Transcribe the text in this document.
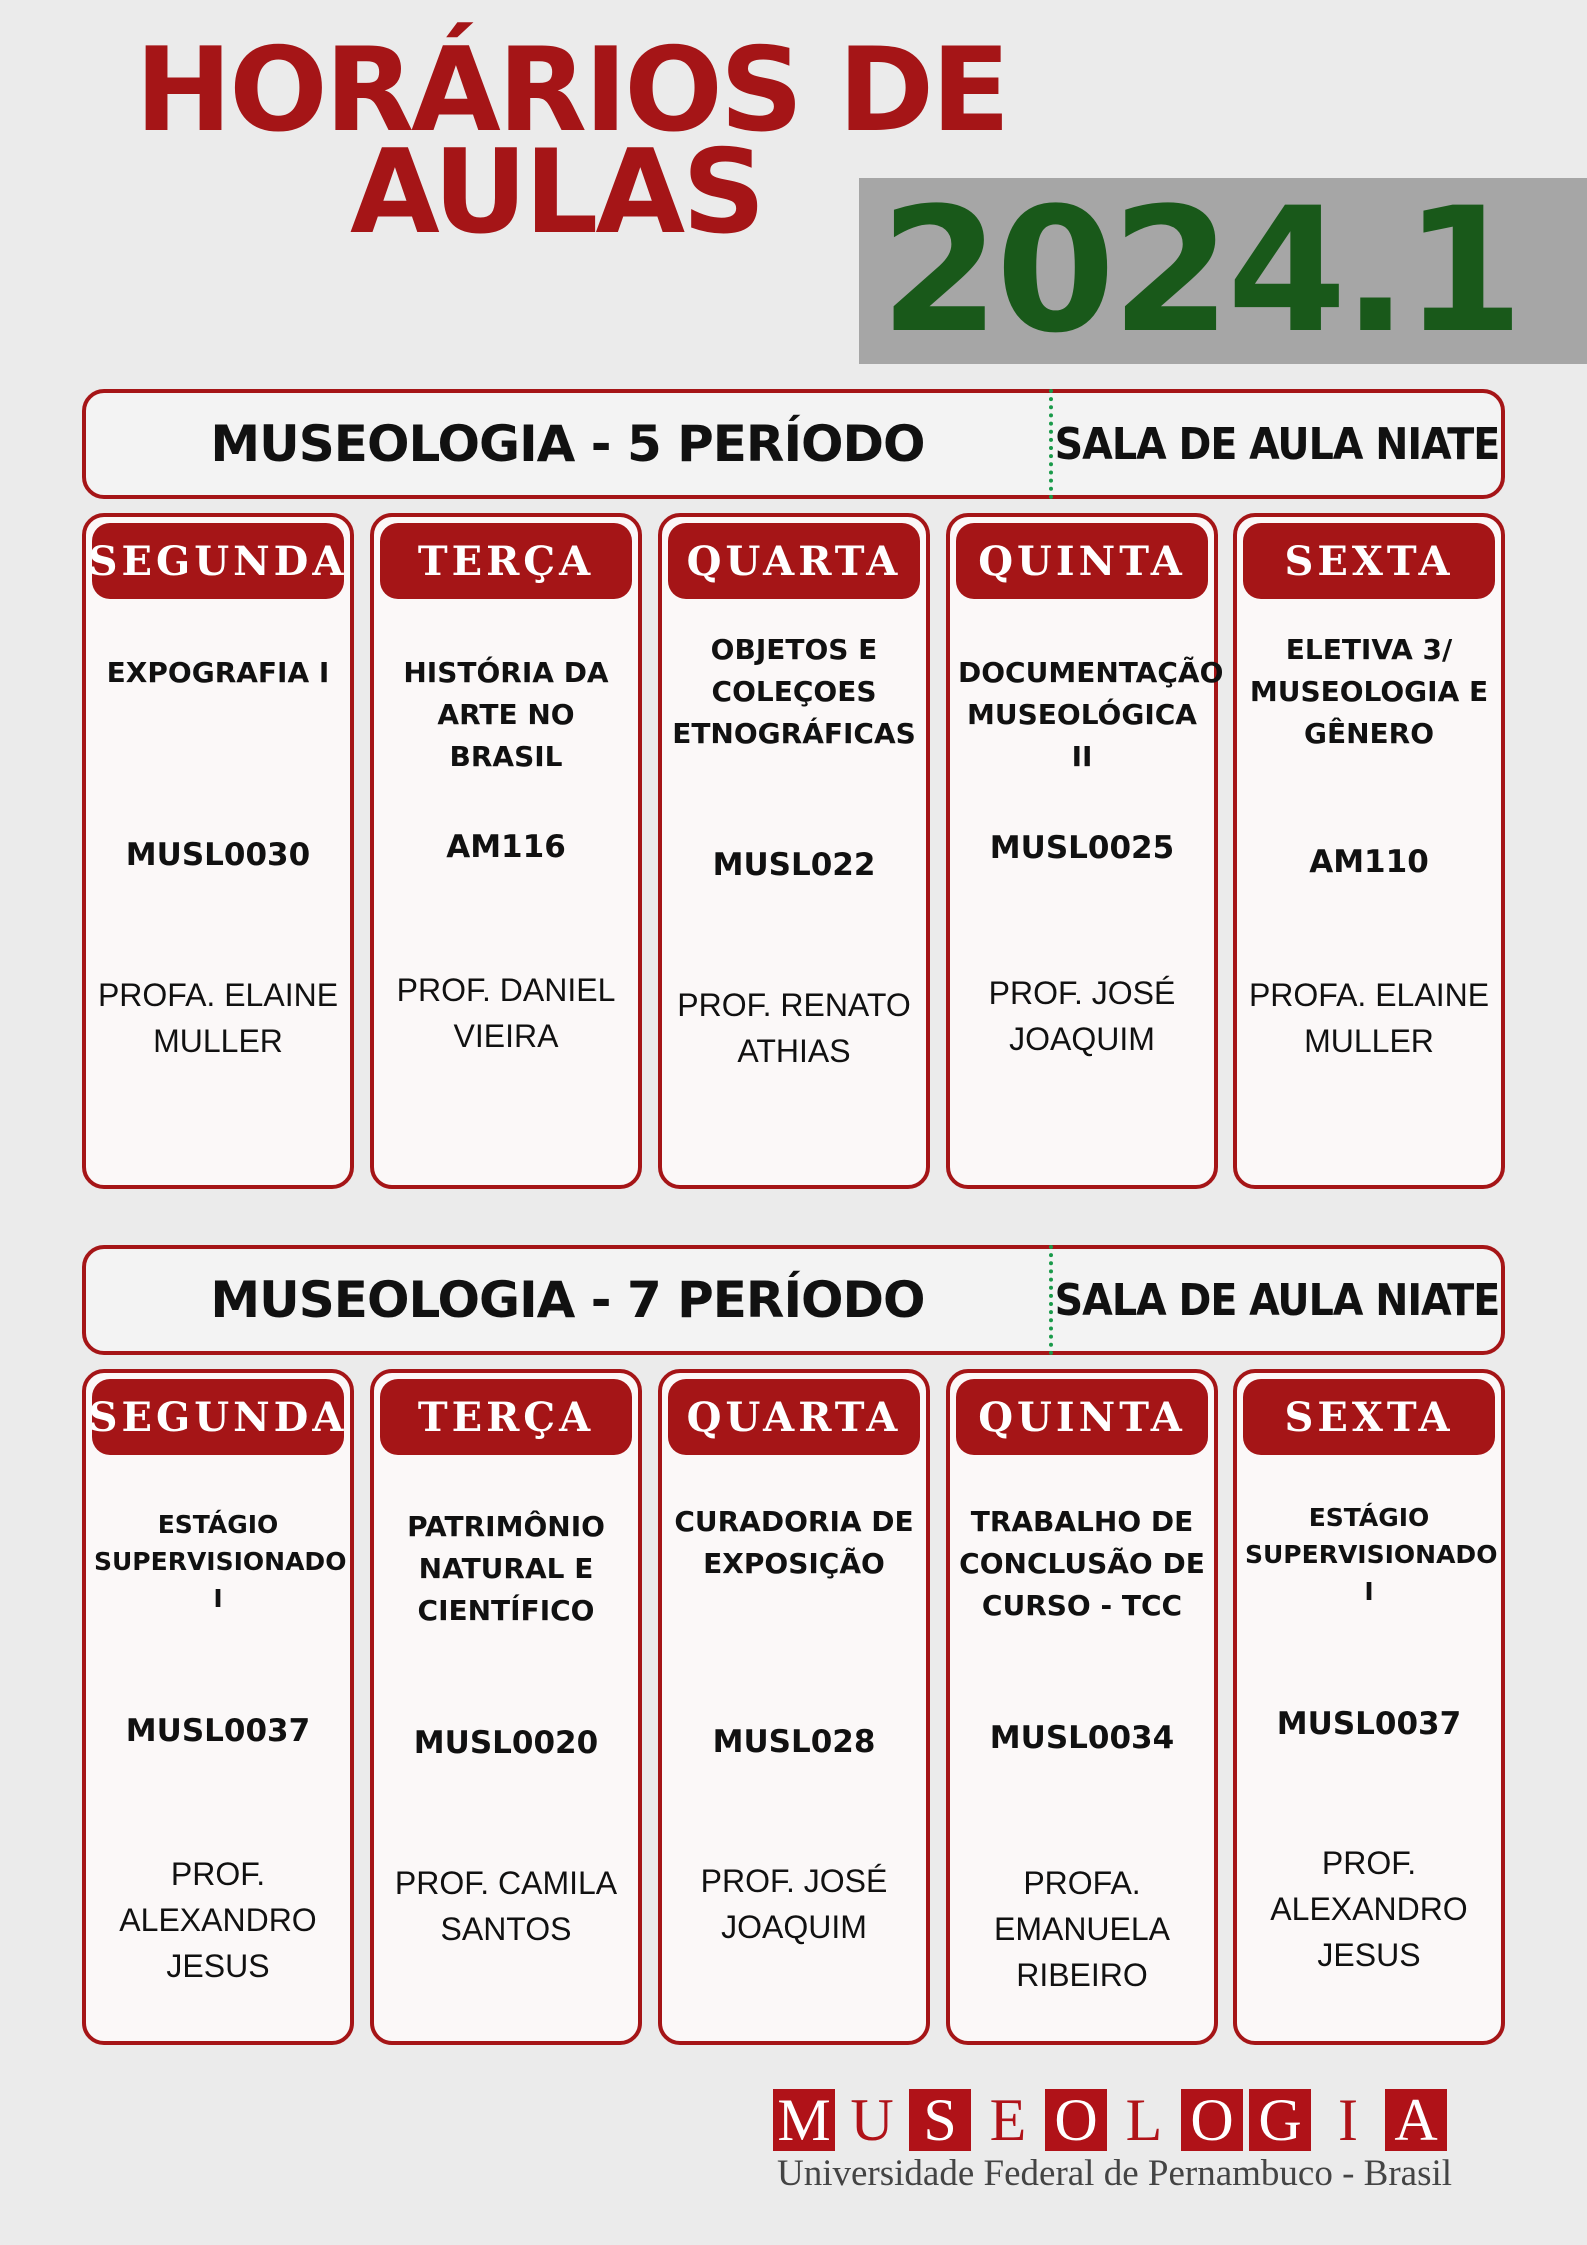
HORÁRIOS DE
AULAS 2024.1
MUSEOLOGIA - 5 PERÍODO	SALA DE AULA NIATE
SEGUNDA
EXPOGRAFIA I
MUSL0030
PROFA. ELAINE MULLER
TERÇA
HISTÓRIA DA ARTE NO BRASIL
AM116
PROF. DANIEL VIEIRA
QUARTA
OBJETOS E COLEÇOES ETNOGRÁFICAS
MUSL022
PROF. RENATO ATHIAS
QUINTA
DOCUMENTAÇÃO MUSEOLÓGICA II
MUSL0025
PROF. JOSÉ JOAQUIM
SEXTA
ELETIVA 3/ MUSEOLOGIA E GÊNERO
AM110
PROFA. ELAINE MULLER
MUSEOLOGIA - 7 PERÍODO	SALA DE AULA NIATE
SEGUNDA
ESTÁGIO SUPERVISIONADO I
MUSL0037
PROF. ALEXANDRO JESUS
TERÇA
PATRIMÔNIO NATURAL E CIENTÍFICO
MUSL0020
PROF. CAMILA SANTOS
QUARTA
CURADORIA DE EXPOSIÇÃO
MUSL028
PROF. JOSÉ JOAQUIM
QUINTA
TRABALHO DE CONCLUSÃO DE CURSO - TCC
MUSL0034
PROFA. EMANUELA RIBEIRO
SEXTA
ESTÁGIO SUPERVISIONADO I
MUSL0037
PROF. ALEXANDRO JESUS
M U S E O L O G I A
Universidade Federal de Pernambuco - Brasil
